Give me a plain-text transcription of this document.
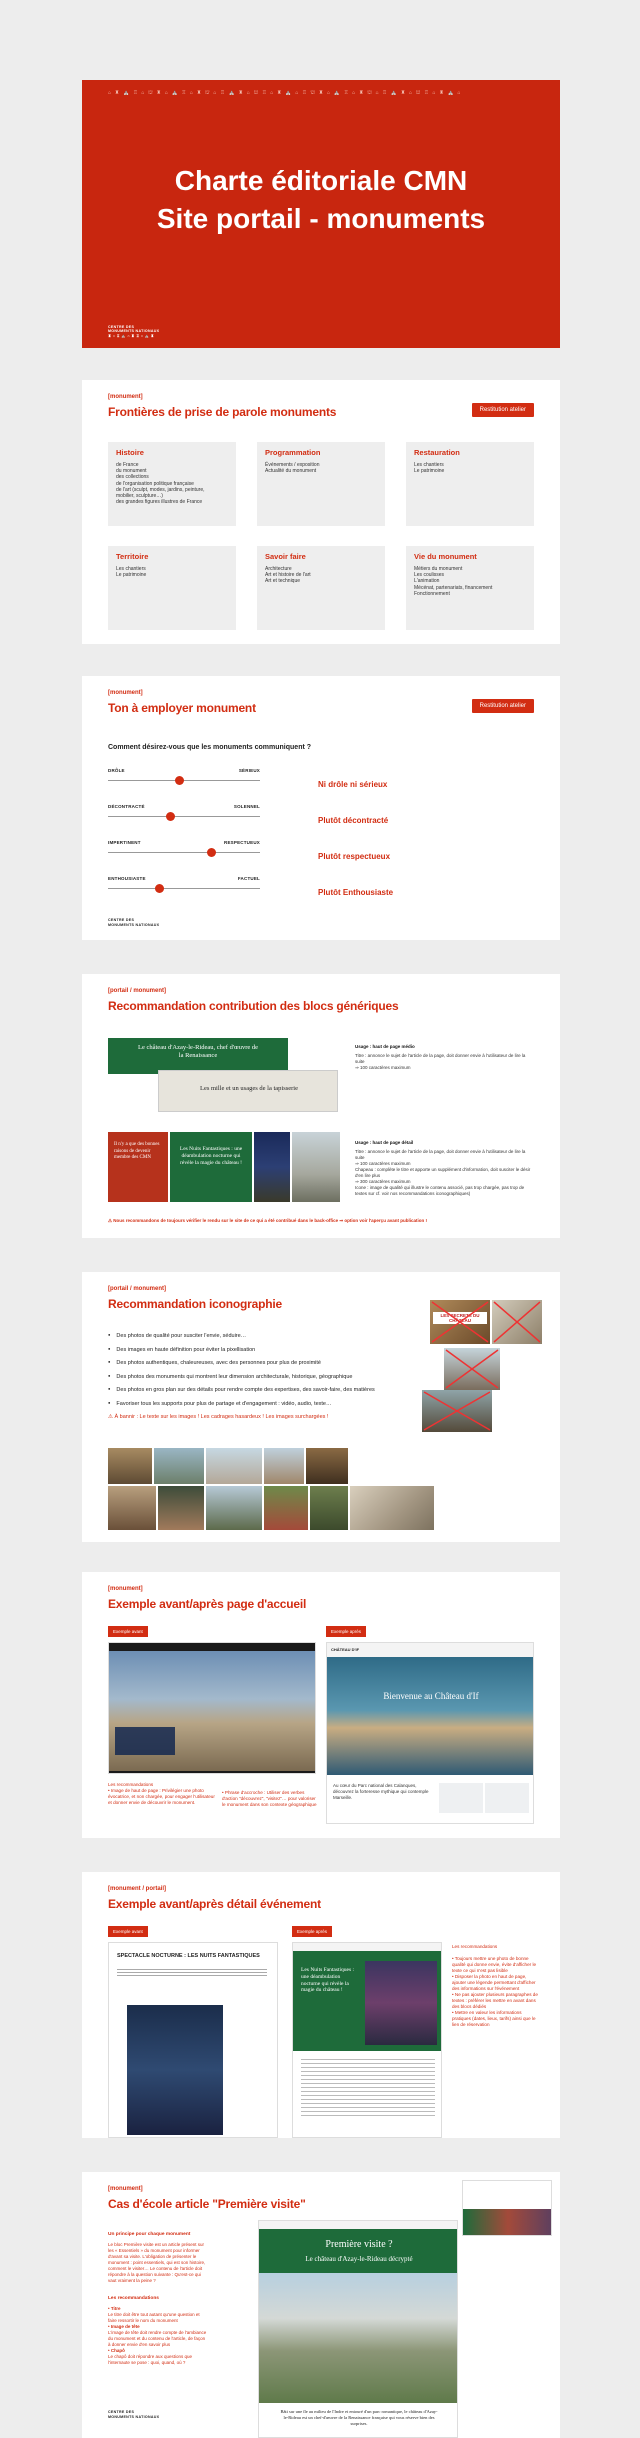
⌂ ♜ ⛪ ♖ ⌂ ⛫ ♜ ⌂ ⛪ ♖ ⌂ ♜ ⛫ ⌂ ♖ ⛪ ♜ ⌂ ⛫ ♖ ⌂ ♜ ⛪ ⌂ ♖ ⛫ ♜ ⌂ ⛪ ♖ ⌂ ♜ ⛫ ⌂ ♖ ⛪ ♜ ⌂ ⛫ ♖ ⌂ ♜ ⛪ ⌂
Charte éditoriale CMN
Site portail - monuments
CENTRE DES
MONUMENTS NATIONAUX
♜ ⌂ ♖ ⛪ ⌂ ♜ ♖ ⌂ ⛪ ♜
[monument]
Frontières de prise de parole monuments	Restitution atelier
Histoire
de France
du monument
des collections
de l'organisation politique française
de l'art (sculpt, modes, jardins, peinture,
mobilier, sculpture…)
des grandes figures illustres de France
Programmation
Événements / exposition
Actualité du monument
Restauration
Les chantiers
Le patrimoine
Territoire
Les chantiers
Le patrimoine
Savoir faire
Architecture
Art et histoire de l'art
Art et technique
Vie du monument
Métiers du monument
Les coulisses
L'animation
Mécénat, partenariats, financement
Fonctionnement
[monument]
Ton à employer monument	Restitution atelier
Comment désirez-vous que les monuments communiquent ?
DRÔLE	SÉRIEUX
Ni drôle ni sérieux
DÉCONTRACTÉ	SOLENNEL
Plutôt décontracté
IMPERTINENT	RESPECTUEUX
Plutôt respectueux
ENTHOUSIASTE	FACTUEL
Plutôt Enthousiaste
CENTRE DES
MONUMENTS NATIONAUX
[portail / monument]
Recommandation contribution des blocs génériques
Le château d'Azay-le-Rideau, chef d'œuvre de la Renaissance
Les mille et un usages de la tapisserie
Usage : haut de page médio
Titre : annonce le sujet de l'article de la page, doit donner envie à l'utilisateur de lire la suite
⇒ 100 caractères maximum
Il n'y a que des bonnes raisons de devenir membre des CMN
Les Nuits Fantastiques : une déambulation nocturne qui révèle la magie du château !
Usage : haut de page détail
Titre : annonce le sujet de l'article de la page, doit donner envie à l'utilisateur de lire la suite
⇒ 100 caractères maximum
Chapeau : complète le titre et apporte un supplément d'information, doit susciter le désir d'en lire plus
⇒ 300 caractères maximum
Icone : image de qualité qui illustre le contenu associé, pas trop chargée, pas trop de textes sur cf. voir nos recommandations iconographiques)
⚠ Nous recommandons de toujours vérifier le rendu sur le site de ce qui a été contribué dans le back-office ⇒ option voir l'aperçu avant publication !
[portail / monument]
Recommandation iconographie
● Des photos de qualité pour susciter l'envie, séduire…
● Des images en haute définition pour éviter la pixellisation
● Des photos authentiques, chaleureuses, avec des personnes pour plus de proximité
● Des photos des monuments qui montrent leur dimension architecturale, historique, géographique
● Des photos en gros plan sur des détails pour rendre compte des expertises, des savoir-faire, des matières
● Favoriser tous les supports pour plus de partage et d'engagement : vidéo, audio, texte…
⚠ À bannir : Le texte sur les images ! Les cadrages hasardeux ! Les images surchargées !
LES SECRETS DU CHÂTEAU
[monument]
Exemple avant/après page d'accueil
Exemple avant	Exemple après
Les recommandations
• Image de haut de page : Privilégier une photo évocatrice, et non chargée, pour engager l'utilisateur et donner envie de découvrir le monument.
• Phrase d'accroche : Utiliser des verbes d'action "découvrez", "visitez"… pour valoriser le monument dans son contexte géographique
CHÂTEAU D'IF
Bienvenue au Château d'If
Au cœur du Parc national des Calanques, découvrez la forteresse mythique qui contemple Marseille.
[monument / portail]
Exemple avant/après détail événement
Exemple avant	Exemple après
SPECTACLE NOCTURNE : LES NUITS FANTASTIQUES
Les Nuits Fantastiques : une déambulation nocturne qui révèle la magie du château !
Les recommandations
• Toujours mettre une photo de bonne qualité qui donne envie, évite d'afficher le texte ce qui n'est pas lisible
• Disposer la photo en haut de page, ajouter une légende permettant d'afficher des informations sur l'événement
• Ne pas ajouter plusieurs paragraphes de textes : préférer les mettre en avant dans des blocs dédiés
• Mettre en valeur les informations pratiques (dates, lieux, tarifs) ainsi que le lien de réservation
[monument]
Cas d'école article "Première visite"
Un principe pour chaque monument
Le bloc Première visite est un article présent sur les « Essentiels » du monument pour informer d'avant sa visite. L'obligation de présenter le monument : point essentiels, qui est son histoire, comment le visiter… Le contenu de l'article doit répondre à la question suivante : Qu'est-ce qui vaut vraiment la peine ?
Les recommandations
• Titre
Le titre doit être tout autant qu'une question et faire ressortir le nom du monument
• Image de tête
L'image de tête doit rendre compte de l'ambiance du monument et du contenu de l'article, de façon à donner envie d'en savoir plus
• Chapô
Le chapô doit répondre aux questions que l'internaute se pose : quoi, quand, où ?
CENTRE DES
MONUMENTS NATIONAUX
Première visite ?
Le château d'Azay-le-Rideau décrypté
Bâti sur une île au milieu de l'Indre et entouré d'un parc romantique, le château d'Azay-le-Rideau est un chef-d'œuvre de la Renaissance française qui vous réserve bien des surprises.
